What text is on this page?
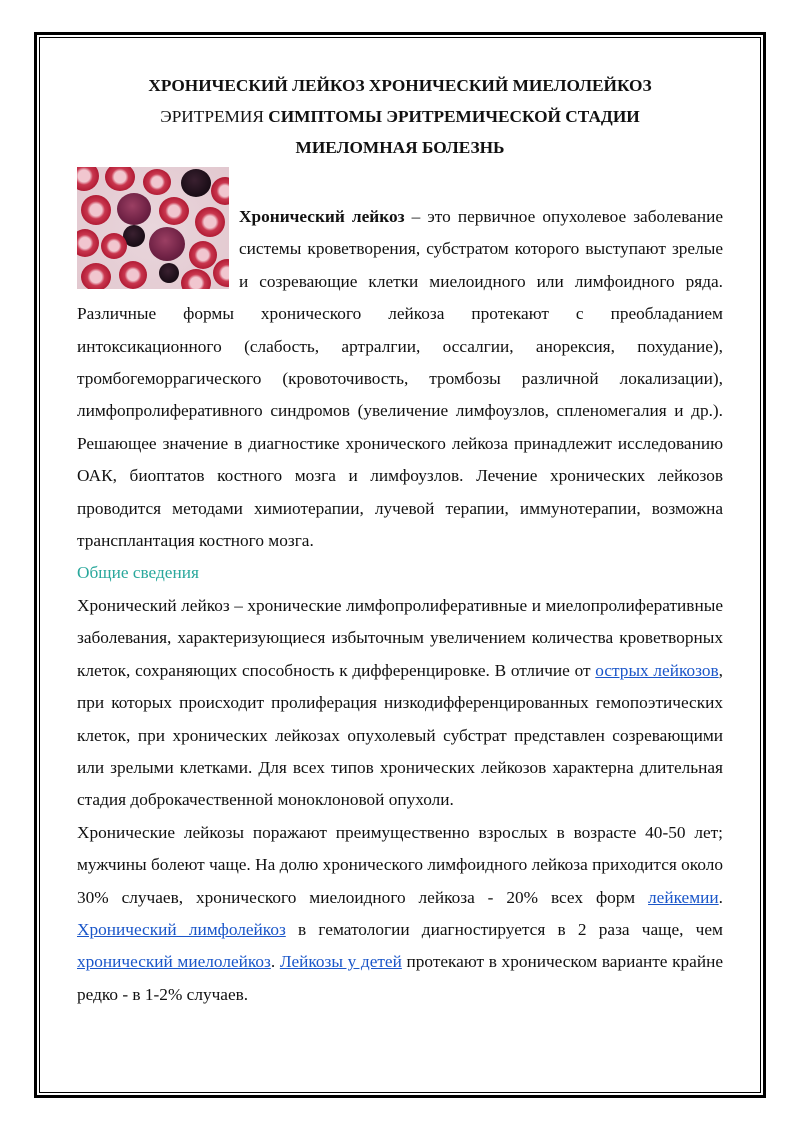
ХРОНИЧЕСКИЙ ЛЕЙКОЗ ХРОНИЧЕСКИЙ МИЕЛОЛЕЙКОЗ
ЭРИТРЕМИЯ СИМПТОМЫ ЭРИТРЕМИЧЕСКОЙ СТАДИИ
МИЕЛОМНАЯ БОЛЕЗНЬ

Хронический лейкоз – это первичное опухолевое заболевание системы кроветворения, субстратом которого выступают зрелые и созревающие клетки миелоидного или лимфоидного ряда. Различные формы хронического лейкоза протекают с преобладанием интоксикационного (слабость, артралгии, оссалгии, анорексия, похудание), тромбогеморрагического (кровоточивость, тромбозы различной локализации), лимфопролиферативного синдромов (увеличение лимфоузлов, спленомегалия и др.). Решающее значение в диагностике хронического лейкоза принадлежит исследованию ОАК, биоптатов костного мозга и лимфоузлов. Лечение хронических лейкозов проводится методами химиотерапии, лучевой терапии, иммунотерапии, возможна трансплантация костного мозга.

Общие сведения

Хронический лейкоз – хронические лимфопролиферативные и миелопролиферативные заболевания, характеризующиеся избыточным увеличением количества кроветворных клеток, сохраняющих способность к дифференцировке. В отличие от острых лейкозов, при которых происходит пролиферация низкодифференцированных гемопоэтических клеток, при хронических лейкозах опухолевый субстрат представлен созревающими или зрелыми клетками. Для всех типов хронических лейкозов характерна длительная стадия доброкачественной моноклоновой опухоли.

Хронические лейкозы поражают преимущественно взрослых в возрасте 40-50 лет; мужчины болеют чаще. На долю хронического лимфоидного лейкоза приходится около 30% случаев, хронического миелоидного лейкоза - 20% всех форм лейкемии. Хронический лимфолейкоз в гематологии диагностируется в 2 раза чаще, чем хронический миелолейкоз. Лейкозы у детей протекают в хроническом варианте крайне редко - в 1-2% случаев.
